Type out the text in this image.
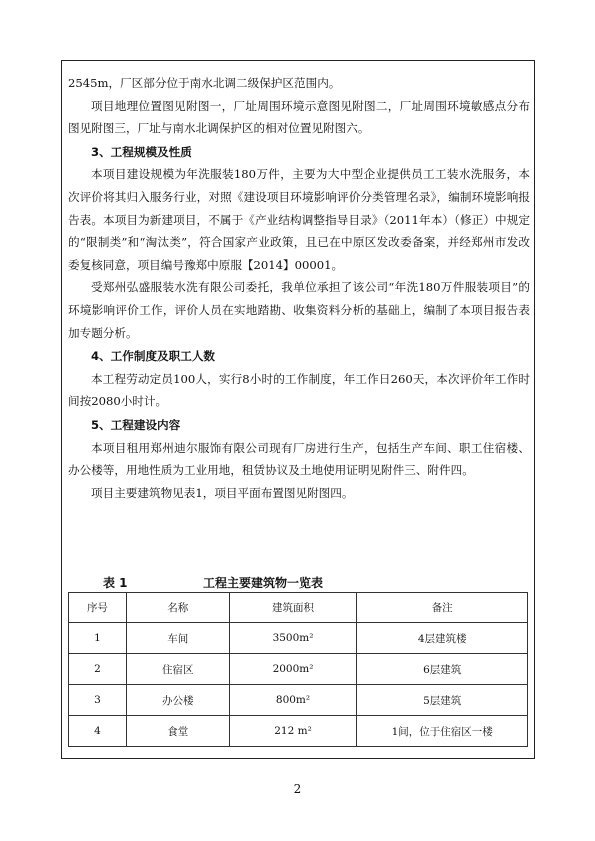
2545m，厂区部分位于南水北调二级保护区范围内。

项目地理位置图见附图一，厂址周围环境示意图见附图二，厂址周围环境敏感点分布图见附图三，厂址与南水北调保护区的相对位置见附图六。

3、工程规模及性质

本项目建设规模为年洗服装180万件，主要为大中型企业提供员工工装水洗服务，本次评价将其归入服务行业，对照《建设项目环境影响评价分类管理名录》，编制环境影响报告表。本项目为新建项目，不属于《产业结构调整指导目录》（2011年本）（修正）中规定的“限制类”和“淘汰类”，符合国家产业政策，且已在中原区发改委备案，并经郑州市发改委复核同意，项目编号豫郑中原服【2014】00001。

受郑州弘盛服装水洗有限公司委托，我单位承担了该公司“年洗180万件服装项目”的环境影响评价工作，评价人员在实地踏勘、收集资料分析的基础上，编制了本项目报告表加专题分析。

4、工作制度及职工人数

本工程劳动定员100人，实行8小时的工作制度，年工作日260天，本次评价年工作时间按2080小时计。

5、工程建设内容

本项目租用郑州迪尔服饰有限公司现有厂房进行生产，包括生产车间、职工住宿楼、办公楼等，用地性质为工业用地，租赁协议及土地使用证明见附件三、附件四。

项目主要建筑物见表1，项目平面布置图见附图四。

表 1	工程主要建筑物一览表
序号	名称	建筑面积	备注
1	车间	3500m²	4层建筑楼
2	住宿区	2000m²	6层建筑
3	办公楼	800m²	5层建筑
4	食堂	212 m²	1间，位于住宿区一楼
2
